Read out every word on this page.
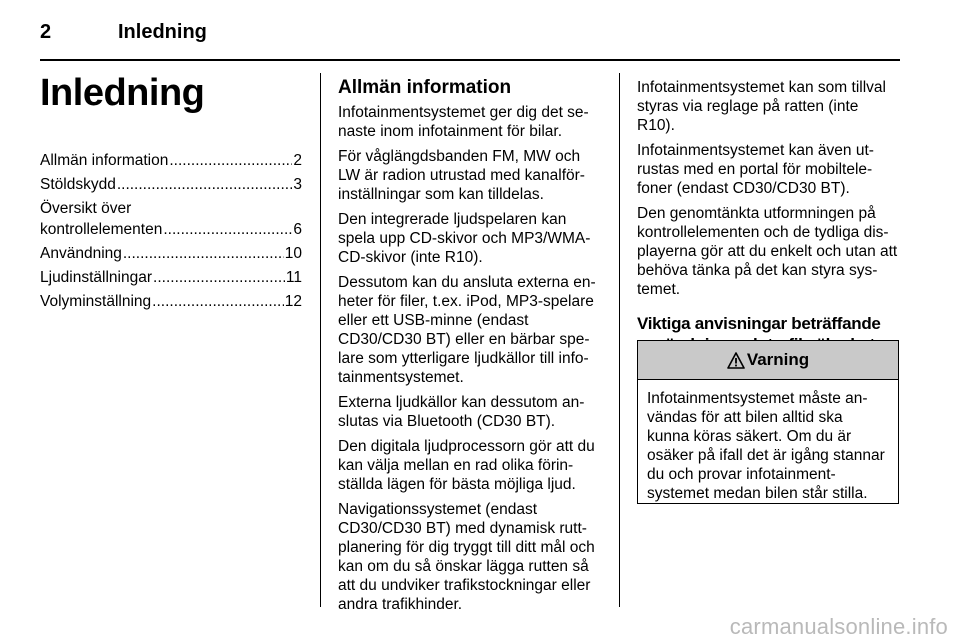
2	Inledning
Inledning
Allmän information .....	2
Stöldskydd .....	3
Översikt över
kontrollelementen .....	6
Användning .....	10
Ljudinställningar .....	11
Volyminställning .....	12
Allmän information

Infotainmentsystemet ger dig det se-
naste inom infotainment för bilar.

För våglängdsbanden FM, MW och
LW är radion utrustad med kanalför-
inställningar som kan tilldelas.

Den integrerade ljudspelaren kan
spela upp CD-skivor och MP3/WMA-
CD-skivor (inte R10).

Dessutom kan du ansluta externa en-
heter för filer, t.ex. iPod, MP3-spelare
eller ett USB-minne (endast
CD30/CD30 BT) eller en bärbar spe-
lare som ytterligare ljudkällor till info-
tainmentsystemet.

Externa ljudkällor kan dessutom an-
slutas via Bluetooth (CD30 BT).

Den digitala ljudprocessorn gör att du
kan välja mellan en rad olika förin-
ställda lägen för bästa möjliga ljud.

Navigationssystemet (endast
CD30/CD30 BT) med dynamisk rutt-
planering för dig tryggt till ditt mål och
kan om du så önskar lägga rutten så
att du undviker trafikstockningar eller
andra trafikhinder.

Infotainmentsystemet kan som tillval
styras via reglage på ratten (inte
R10).

Infotainmentsystemet kan även ut-
rustas med en portal för mobiltele-
foner (endast CD30/CD30 BT).

Den genomtänkta utformningen på
kontrollelementen och de tydliga dis-
playerna gör att du enkelt och utan att
behöva tänka på det kan styra sys-
temet.

Viktiga anvisningar beträffande

Varning
Infotainmentsystemet måste an-
vändas för att bilen alltid ska
kunna köras säkert. Om du är
osäker på ifall det är igång stannar
du och provar infotainment-
systemet medan bilen står stilla.
carmanualsonline.info
